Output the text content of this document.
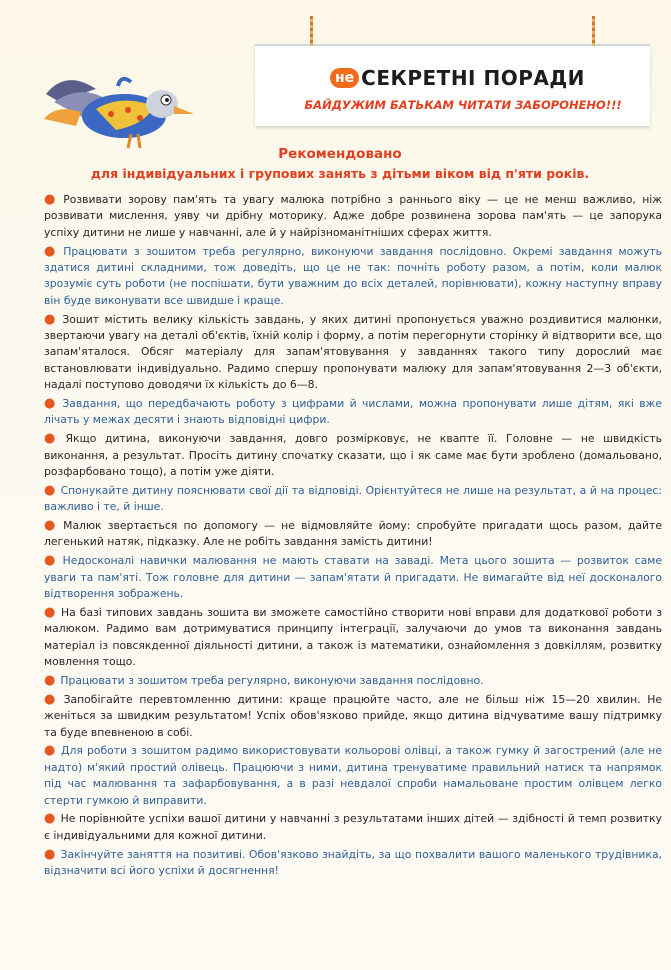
не СЕКРЕТНІ ПОРАДИ
БАЙДУЖИМ БАТЬКАМ ЧИТАТИ ЗАБОРОНЕНО!!!
Рекомендовано
для індивідуальних і групових занять з дітьми віком від п'яти років.
● Розвивати зорову пам'ять та увагу малюка потрібно з раннього віку — це не менш важливо, ніж розвивати мислення, уяву чи дрібну моторику. Адже добре розвинена зорова пам'ять — це запорука успіху дитини не лише у навчанні, але й у найрізноманітніших сферах життя.
● Працювати з зошитом треба регулярно, виконуючи завдання послідовно. Окремі завдання можуть здатися дитині складними, тож доведіть, що це не так: почніть роботу разом, а потім, коли малюк зрозуміє суть роботи (не поспішати, бути уважним до всіх деталей, порівнювати), кожну наступну вправу він буде виконувати все швидше і краще.
● Зошит містить велику кількість завдань, у яких дитині пропонується уважно роздивитися малюнки, звертаючи увагу на деталі об'єктів, їхній колір і форму, а потім перегорнути сторінку й відтворити все, що запам'яталося. Обсяг матеріалу для запам'ятовування у завданнях такого типу дорослий має встановлювати індивідуально. Радимо спершу пропонувати малюку для запам'ятовування 2—3 об'єкти, надалі поступово доводячи їх кількість до 6—8.
● Завдання, що передбачають роботу з цифрами й числами, можна пропонувати лише дітям, які вже лічать у межах десяти і знають відповідні цифри.
● Якщо дитина, виконуючи завдання, довго розмірковує, не квапте її. Головне — не швидкість виконання, а результат. Просіть дитину спочатку сказати, що і як саме має бути зроблено (домальовано, розфарбовано тощо), а потім уже діяти.
● Спонукайте дитину пояснювати свої дії та відповіді. Орієнтуйтеся не лише на результат, а й на процес: важливо і те, й інше.
● Малюк звертається по допомогу — не відмовляйте йому: спробуйте пригадати щось разом, дайте легенький натяк, підказку. Але не робіть завдання замість дитини!
● Недосконалі навички малювання не мають ставати на заваді. Мета цього зошита — розвиток саме уваги та пам'яті. Тож головне для дитини — запам'ятати й пригадати. Не вимагайте від неї досконалого відтворення зображень.
● На базі типових завдань зошита ви зможете самостійно створити нові вправи для додаткової роботи з малюком. Радимо вам дотримуватися принципу інтеграції, залучаючи до умов та виконання завдань матеріал із повсякденної діяльності дитини, а також із математики, ознайомлення з довкіллям, розвитку мовлення тощо.
● Працювати з зошитом треба регулярно, виконуючи завдання послідовно.
● Запобігайте перевтомленню дитини: краще працюйте часто, але не більш ніж 15—20 хвилин. Не женіться за швидким результатом! Успіх обов'язково прийде, якщо дитина відчуватиме вашу підтримку та буде впевненою в собі.
● Для роботи з зошитом радимо використовувати кольорові олівці, а також гумку й загострений (але не надто) м'який простий олівець. Працюючи з ними, дитина тренуватиме правильний натиск та напрямок під час малювання та зафарбовування, а в разі невдалої спроби намальоване простим олівцем легко стерти гумкою й виправити.
● Не порівнюйте успіхи вашої дитини у навчанні з результатами інших дітей — здібності й темп розвитку є індивідуальними для кожної дитини.
● Закінчуйте заняття на позитиві. Обов'язково знайдіть, за що похвалити вашого маленького трудівника, відзначити всі його успіхи й досягнення!
